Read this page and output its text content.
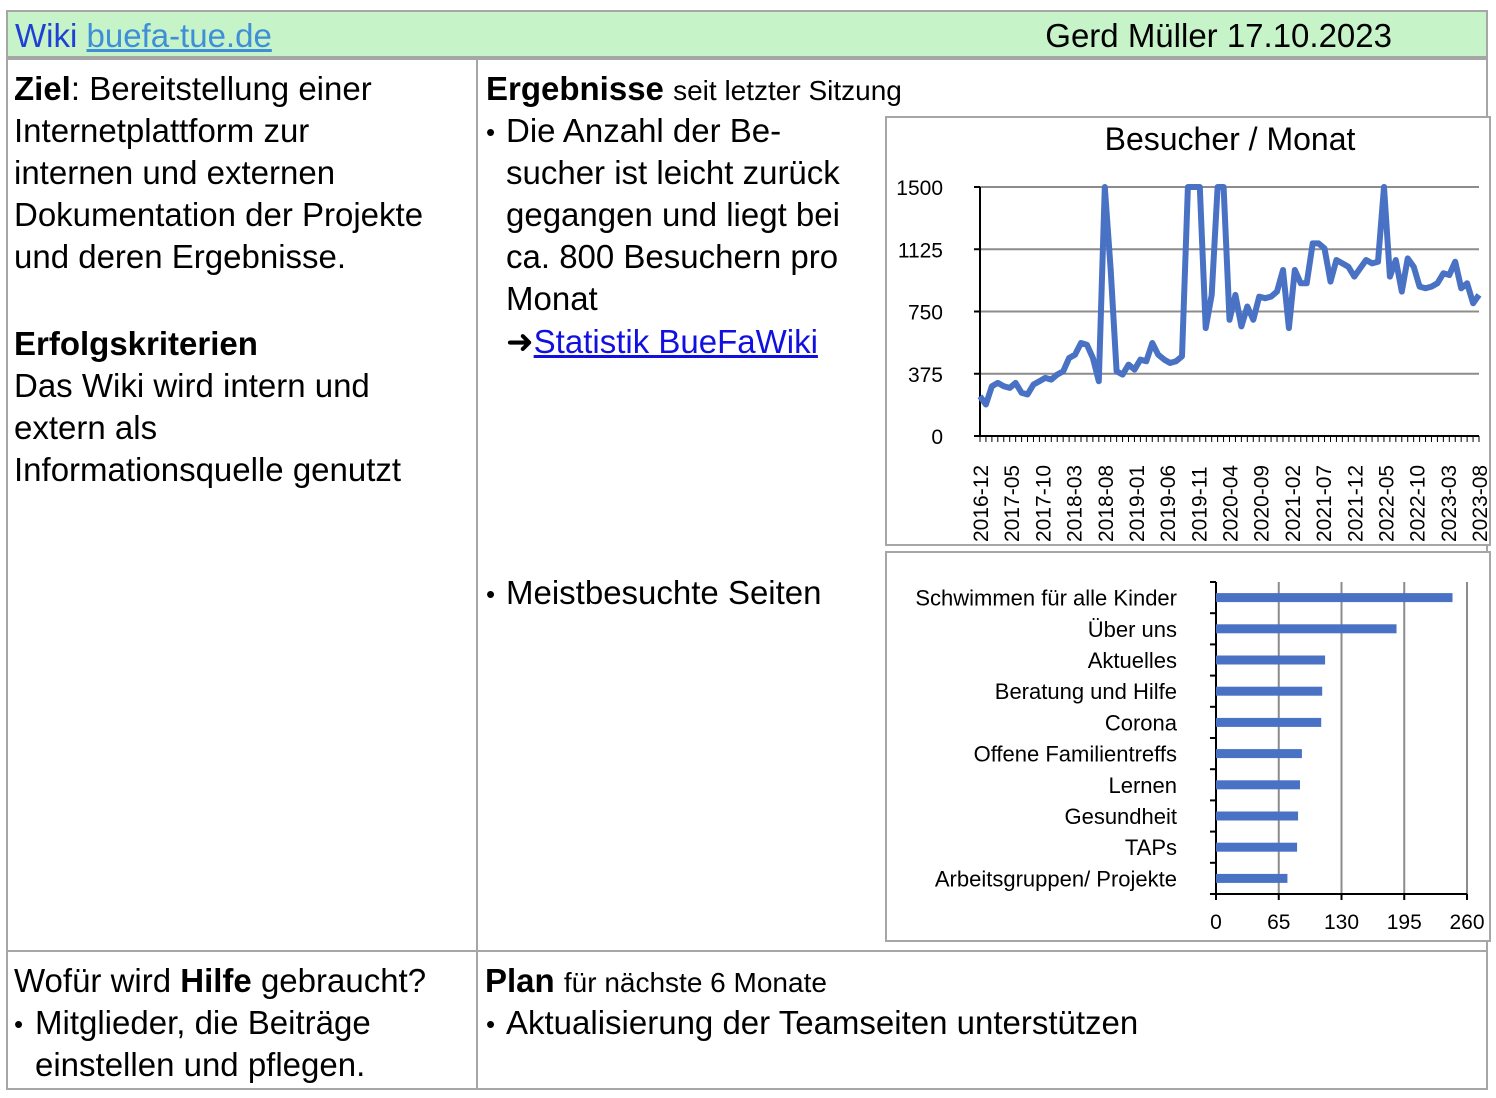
Wiki buefa-tue.de	Gerd Müller 17.10.2023
Ziel: Bereitstellung einer
Internetplattform zur
internen und externen
Dokumentation der Projekte
und deren Ergebnisse.
Erfolgskriterien
Das Wiki wird intern und
extern als
Informationsquelle genutzt
Ergebnisse seit letzter Sitzung
• Die Anzahl der Be-
sucher ist leicht zurück
gegangen und liegt bei
ca. 800 Besuchern pro
Monat
➜Statistik BueFaWiki
• Meistbesuchte Seiten
Besucher / Monat
0
375
750
1125
1500
2016-12 2017-05 2017-10 2018-03 2018-08 2019-01 2019-06 2019-11 2020-04 2020-09 2021-02 2021-07 2021-12 2022-05 2022-10 2023-03 2023-08
0 65 130 195 260
Schwimmen für alle Kinder
Über uns
Aktuelles
Beratung und Hilfe
Corona
Offene Familientreffs
Lernen
Gesundheit
TAPs
Arbeitsgruppen/ Projekte
Wofür wird Hilfe gebraucht?
• Mitglieder, die Beiträge
einstellen und pflegen.
Plan für nächste 6 Monate
• Aktualisierung der Teamseiten unterstützen
